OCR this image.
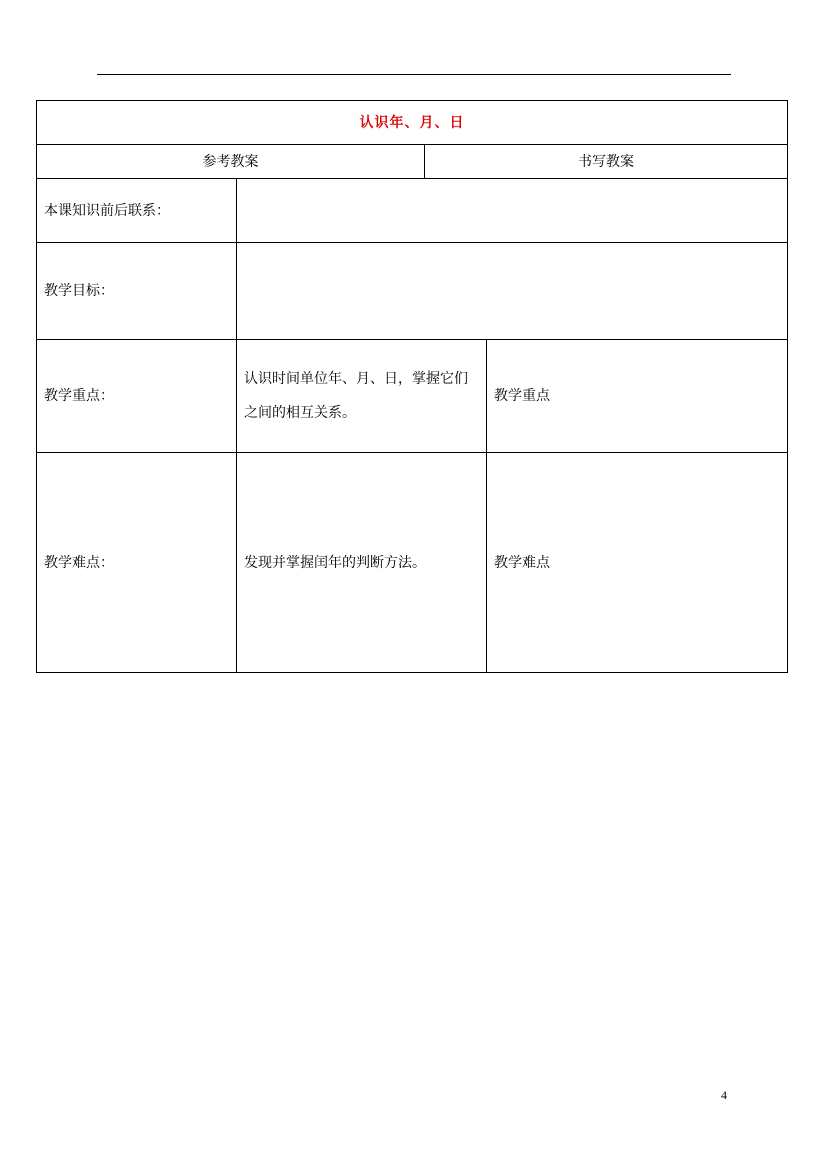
认识年、月、日			
参考教案		书写教案	
本课知识前后联系：			
教学目标：			
教学重点：	认识时间单位年、月、日，掌握它们之间的相互关系。		教学重点
教学难点：	发现并掌握闰年的判断方法。		教学难点
4
